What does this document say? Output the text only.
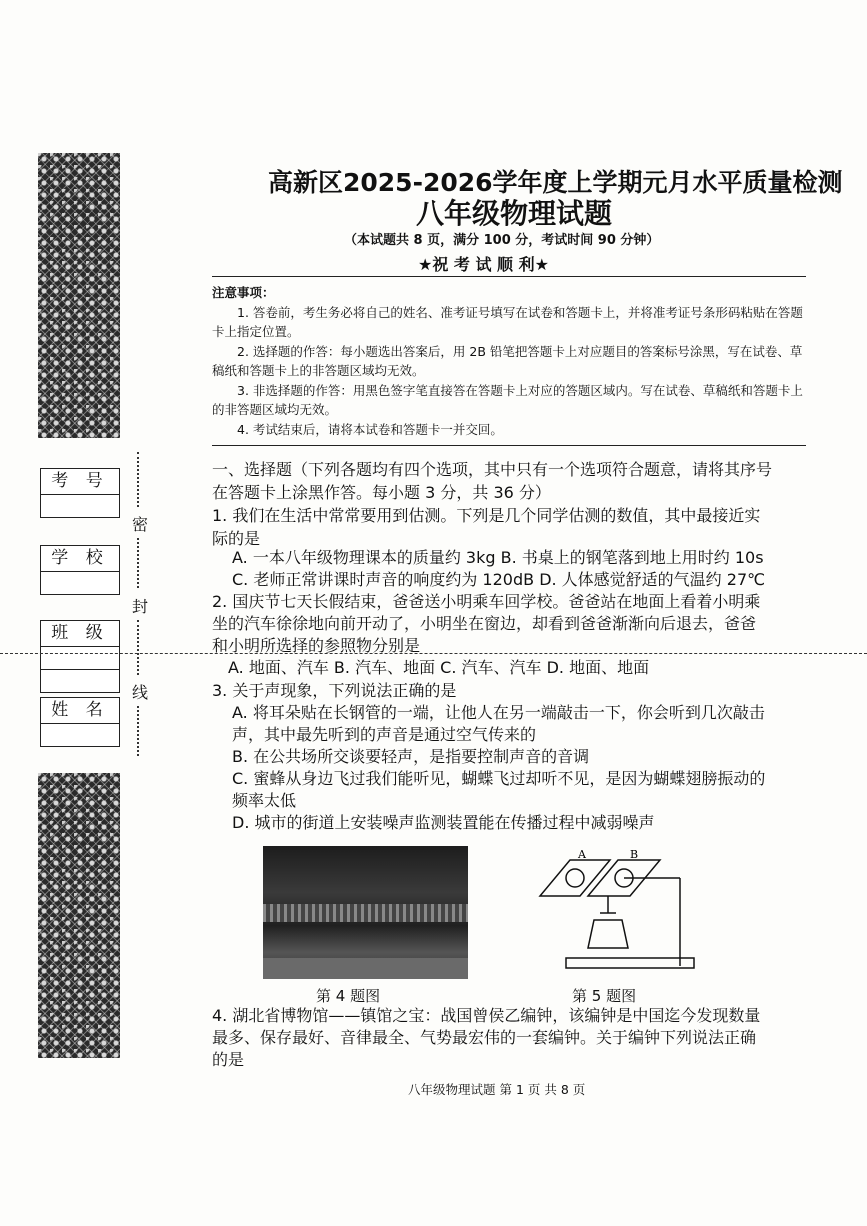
考 号
学 校
班 级
姓 名
密
封
线
高新区2025-2026学年度上学期元月水平质量检测
八年级物理试题
（本试题共 8 页，满分 100 分，考试时间 90 分钟）
★祝 考 试 顺 利★

注意事项：

1. 答卷前，考生务必将自己的姓名、准考证号填写在试卷和答题卡上，并将准考证号条形码粘贴在答题卡上指定位置。

2. 选择题的作答：每小题选出答案后，用 2B 铅笔把答题卡上对应题目的答案标号涂黑，写在试卷、草稿纸和答题卡上的非答题区域均无效。

3. 非选择题的作答：用黑色签字笔直接答在答题卡上对应的答题区域内。写在试卷、草稿纸和答题卡上的非答题区域均无效。

4. 考试结束后，请将本试卷和答题卡一并交回。

一、选择题（下列各题均有四个选项，其中只有一个选项符合题意，请将其序号
在答题卡上涂黑作答。每小题 3 分，共 36 分）
1. 我们在生活中常常要用到估测。下列是几个同学估测的数值，其中最接近实
际的是
A. 一本八年级物理课本的质量约 3kg B. 书桌上的钢笔落到地上用时约 10s
C. 老师正常讲课时声音的响度约为 120dB D. 人体感觉舒适的气温约 27℃
2. 国庆节七天长假结束，爸爸送小明乘车回学校。爸爸站在地面上看着小明乘
坐的汽车徐徐地向前开动了，小明坐在窗边，却看到爸爸渐渐向后退去，爸爸
和小明所选择的参照物分别是
A. 地面、汽车 B. 汽车、地面 C. 汽车、汽车 D. 地面、地面
3. 关于声现象，下列说法正确的是
A. 将耳朵贴在长钢管的一端，让他人在另一端敲击一下，你会听到几次敲击
声，其中最先听到的声音是通过空气传来的
B. 在公共场所交谈要轻声，是指要控制声音的音调
C. 蜜蜂从身边飞过我们能听见，蝴蝶飞过却听不见，是因为蝴蝶翅膀振动的
频率太低
D. 城市的街道上安装噪声监测装置能在传播过程中减弱噪声
第 4 题图
A	B
第 5 题图
4. 湖北省博物馆——镇馆之宝：战国曾侯乙编钟，该编钟是中国迄今发现数量
最多、保存最好、音律最全、气势最宏伟的一套编钟。关于编钟下列说法正确
的是
八年级物理试题 第 1 页 共 8 页
